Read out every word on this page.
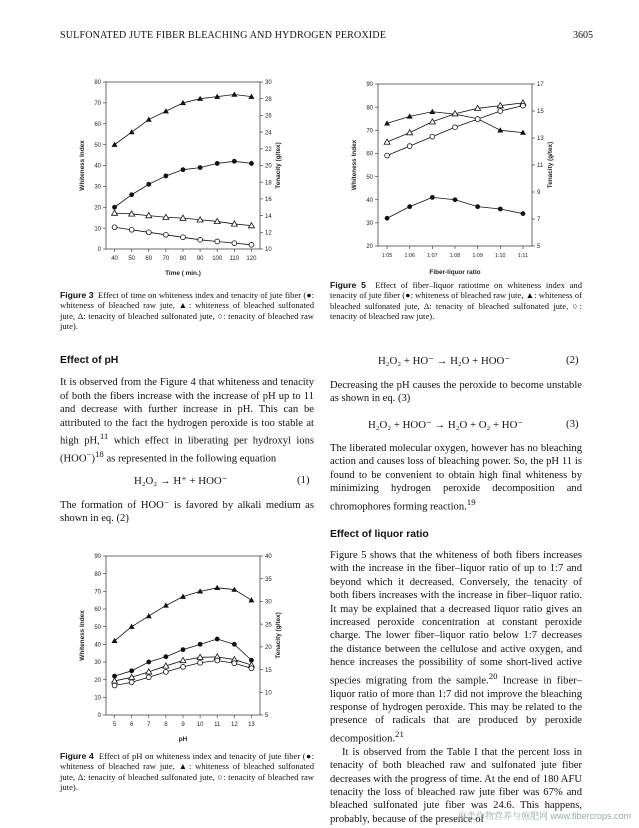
SULFONATED JUTE FIBER BLEACHING AND HYDROGEN PEROXIDE	3605
0
10
20
30
40
50
60
70
80
10
12
14
16
18
20
22
24
26
28
30
40 50 60 70 80 90 100 110 120
Time ( min.)
Whiteness Index	Tenacity (g/tex)
Figure 3 Effect of time on whiteness index and tenacity of jute fiber (●: whiteness of bleached raw jute, ▲: whiteness of bleached sulfonated jute, Δ: tenacity of bleached sulfonated jute, ○: tenacity of bleached raw jute).
20
30
40
50
60
70
80
90
5
7
9
11
13
15
17
1:05 1:06 1:07 1:08 1:09 1:10 1:11
Fiber-liquor ratio
Whiteness Index	Tenacity (g/tex)
Figure 5 Effect of fiber–liquor ratiotime on whiteness index and tenacity of jute fiber (●: whiteness of bleached raw jute, ▲: whiteness of bleached sulfonated jute, Δ: tenacity of bleached sulfonated jute, ○: tenacity of bleached raw jute).
Effect of pH

It is observed from the Figure 4 that whiteness and tenacity of both the fibers increase with the increase of pH up to 11 and decrease with further increase in pH. This can be attributed to the fact the hydrogen peroxide is too stable at high pH,$^{11}$ which effect in liberating per hydroxyl ions $(HOO^-)^{18}$ as represented in the following equation

H₂O₂ → H⁺ + HOO⁻	(1)

The formation of HOO⁻ is favored by alkali medium as shown in eq. (2)

0
10
20
30
40
50
60
70
80
90
5
10
15
20
25
30
35
40
5 6 7 8 9 10 11 12 13
pH
Whiteness Index	Tenacity (g/tex)
Figure 4 Effect of pH on whiteness index and tenacity of jute fiber (●: whiteness of bleached raw jute, ▲: whiteness of bleached sulfonated jute, Δ: tenacity of bleached sulfonated jute, ○: tenacity of bleached raw jute).
H₂O₂ + HO⁻ → H₂O + HOO⁻	(2)

Decreasing the pH causes the peroxide to become unstable as shown in eq. (3)

H₂O₂ + HOO⁻ → H₂O + O₂ + HO⁻	(3)

The liberated molecular oxygen, however has no bleaching action and causes loss of bleaching power. So, the pH 11 is found to be convenient to obtain high final whiteness by minimizing hydrogen peroxide decomposition and chromophores forming reaction.$^{19}$

Effect of liquor ratio

Figure 5 shows that the whiteness of both fibers increases with the increase in the fiber–liquor ratio of up to 1:7 and beyond which it decreased. Conversely, the tenacity of both fibers increases with the increase in fiber–liquor ratio. It may be explained that a decreased liquor ratio gives an increased peroxide concentration at constant peroxide charge. The lower fiber–liquor ratio below 1:7 decreases the distance between the cellulose and active oxygen, and hence increases the possibility of some short-lived active species migrating from the sample.$^{20}$ Increase in fiber–liquor ratio of more than 1:7 did not improve the bleaching response of hydrogen peroxide. This may be related to the presence of radicals that are produced by peroxide decomposition.$^{21}$

It is observed from the Table I that the percent loss in tenacity of both bleached raw and sulfonated jute fiber decreases with the progress of time. At the end of 180 AFU tenacity the loss of bleached raw jute fiber was 67% and bleached sulfonated jute fiber was 24.6. This happens, probably, because of the presence of

麻类作物营养与施肥网 www.fibercrops.com
